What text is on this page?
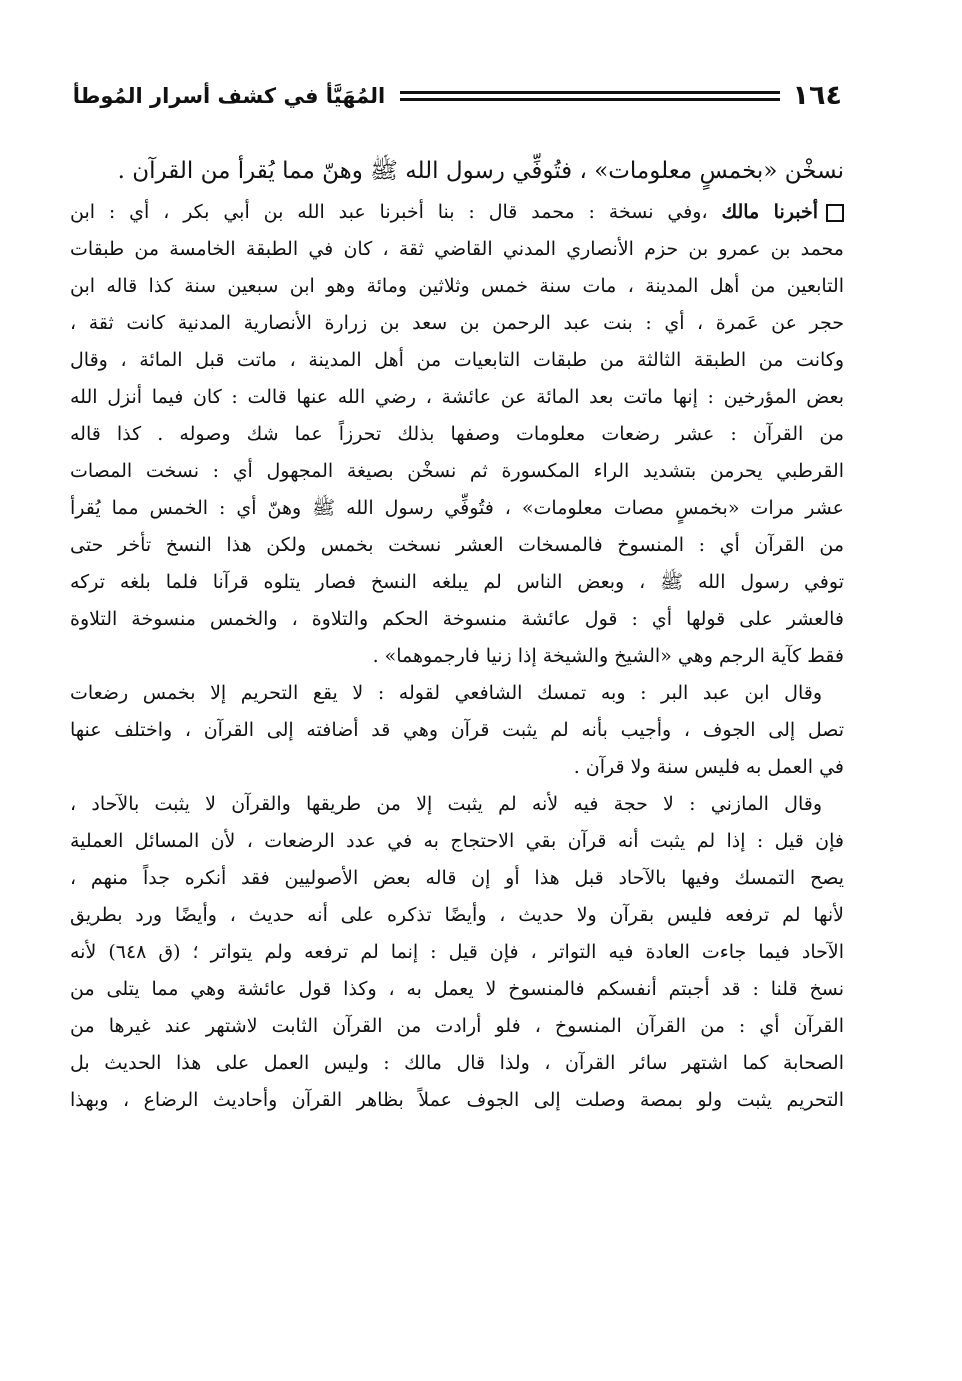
١٦٤
المُهَيَّأ في كشف أسرار المُوطأ
نسخْن «بخمسٍ معلومات» ، فتُوفِّي رسول الله ﷺ وهنّ مما يُقرأ من القرآن .
أخبرنا مالك ،وفي نسخة : محمد قال : بنا أخبرنا عبد الله بن أبي بكر ، أي : ابن
محمد بن عمرو بن حزم الأنصاري المدني القاضي ثقة ، كان في الطبقة الخامسة من طبقات
التابعين من أهل المدينة ، مات سنة خمس وثلاثين ومائة وهو ابن سبعين سنة كذا قاله ابن
حجر عن عَمرة ، أي : بنت عبد الرحمن بن سعد بن زرارة الأنصارية المدنية كانت ثقة ،
وكانت من الطبقة الثالثة من طبقات التابعيات من أهل المدينة ، ماتت قبل المائة ، وقال
بعض المؤرخين : إنها ماتت بعد المائة عن عائشة ، رضي الله عنها قالت : كان فيما أنزل الله
من القرآن : عشر رضعات معلومات وصفها بذلك تحرزاً عما شك وصوله . كذا قاله
القرطبي يحرمن بتشديد الراء المكسورة ثم نسخْن بصيغة المجهول أي : نسخت المصات
عشر مرات «بخمسٍ مصات معلومات» ، فتُوفِّي رسول الله ﷺ وهنّ أي : الخمس مما يُقرأ
من القرآن أي : المنسوخ فالمسخات العشر نسخت بخمس ولكن هذا النسخ تأخر حتى
توفي رسول الله ﷺ ، وبعض الناس لم يبلغه النسخ فصار يتلوه قرآنا فلما بلغه تركه
فالعشر على قولها أي : قول عائشة منسوخة الحكم والتلاوة ، والخمس منسوخة التلاوة
فقط كآية الرجم وهي «الشيخ والشيخة إذا زنيا فارجموهما» .
وقال ابن عبد البر : وبه تمسك الشافعي لقوله : لا يقع التحريم إلا بخمس رضعات
تصل إلى الجوف ، وأجيب بأنه لم يثبت قرآن وهي قد أضافته إلى القرآن ، واختلف عنها
في العمل به فليس سنة ولا قرآن .
وقال المازني : لا حجة فيه لأنه لم يثبت إلا من طريقها والقرآن لا يثبت بالآحاد ،
فإن قيل : إذا لم يثبت أنه قرآن بقي الاحتجاج به في عدد الرضعات ، لأن المسائل العملية
يصح التمسك وفيها بالآحاد قبل هذا أو إن قاله بعض الأصوليين فقد أنكره جداً منهم ،
لأنها لم ترفعه فليس بقرآن ولا حديث ، وأيضًا تذكره على أنه حديث ، وأيضًا ورد بطريق
الآحاد فيما جاءت العادة فيه التواتر ، فإن قيل : إنما لم ترفعه ولم يتواتر ؛ (ق ٦٤٨) لأنه
نسخ قلنا : قد أجبتم أنفسكم فالمنسوخ لا يعمل به ، وكذا قول عائشة وهي مما يتلى من
القرآن أي : من القرآن المنسوخ ، فلو أرادت من القرآن الثابت لاشتهر عند غيرها من
الصحابة كما اشتهر سائر القرآن ، ولذا قال مالك : وليس العمل على هذا الحديث بل
التحريم يثبت ولو بمصة وصلت إلى الجوف عملاً بظاهر القرآن وأحاديث الرضاع ، وبهذا
